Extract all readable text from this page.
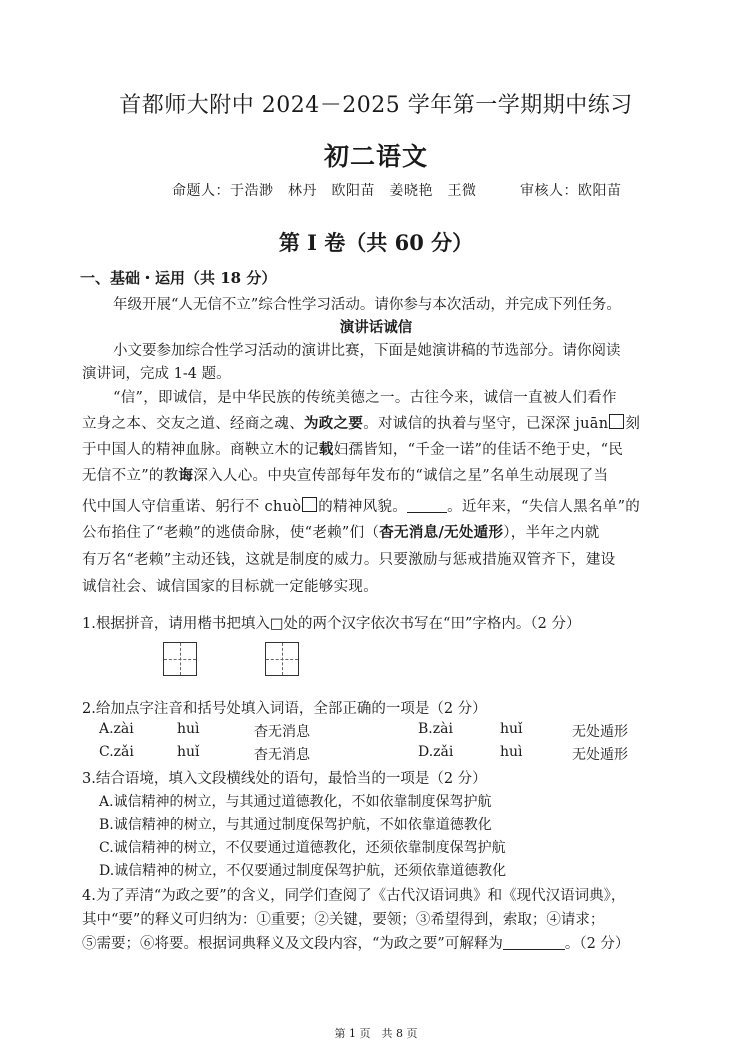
首都师大附中 2024－2025 学年第一学期期中练习
初二语文
命题人：于浩渺　林丹　欧阳苗　姜晓艳　王微	审核人：欧阳苗
第 I 卷（共 60 分）
一、基础・运用（共 18 分）
年级开展“人无信不立”综合性学习活动。请你参与本次活动，并完成下列任务。
演讲话诚信
小文要参加综合性学习活动的演讲比赛，下面是她演讲稿的节选部分。请你阅读
演讲词，完成 1-4 题。
“信”，即诚信，是中华民族的传统美德之一。古往今来，诚信一直被人们看作
立身之本、交友之道、经商之魂、为政之要。对诚信的执着与坚守，已深深 juān 刻
于中国人的精神血脉。商鞅立木的记载妇孺皆知，“千金一诺”的佳话不绝于史，“民
无信不立”的教诲深入人心。中央宣传部每年发布的“诚信之星”名单生动展现了当
代中国人守信重诺、躬行不 chuò 的精神风貌。	。近年来，“失信人黑名单”的
公布掐住了“老赖”的逃债命脉，使“老赖”们（杳无消息/无处遁形），半年之内就
有万名“老赖”主动还钱，这就是制度的威力。只要激励与惩戒措施双管齐下，建设
诚信社会、诚信国家的目标就一定能够实现。
1.根据拼音，请用楷书把填入□处的两个汉字依次书写在“田”字格内。（2 分）
2.给加点字注音和括号处填入词语，全部正确的一项是（2 分）
A.zài	huì	杳无消息	B.zài	huǐ	无处遁形
C.zǎi	huǐ	杳无消息	D.zǎi	huì	无处遁形
3.结合语境，填入文段横线处的语句，最恰当的一项是（2 分）
A.诚信精神的树立，与其通过道德教化，不如依靠制度保驾护航
B.诚信精神的树立，与其通过制度保驾护航，不如依靠道德教化
C.诚信精神的树立，不仅要通过道德教化，还须依靠制度保驾护航
D.诚信精神的树立，不仅要通过制度保驾护航，还须依靠道德教化
4.为了弄清“为政之要”的含义，同学们查阅了《古代汉语词典》和《现代汉语词典》，
其中“要”的释义可归纳为：①重要；②关键，要领；③希望得到，索取；④请求；
⑤需要；⑥将要。根据词典释义及文段内容，“为政之要”可解释为	。（2 分）
第 1 页　共 8 页
